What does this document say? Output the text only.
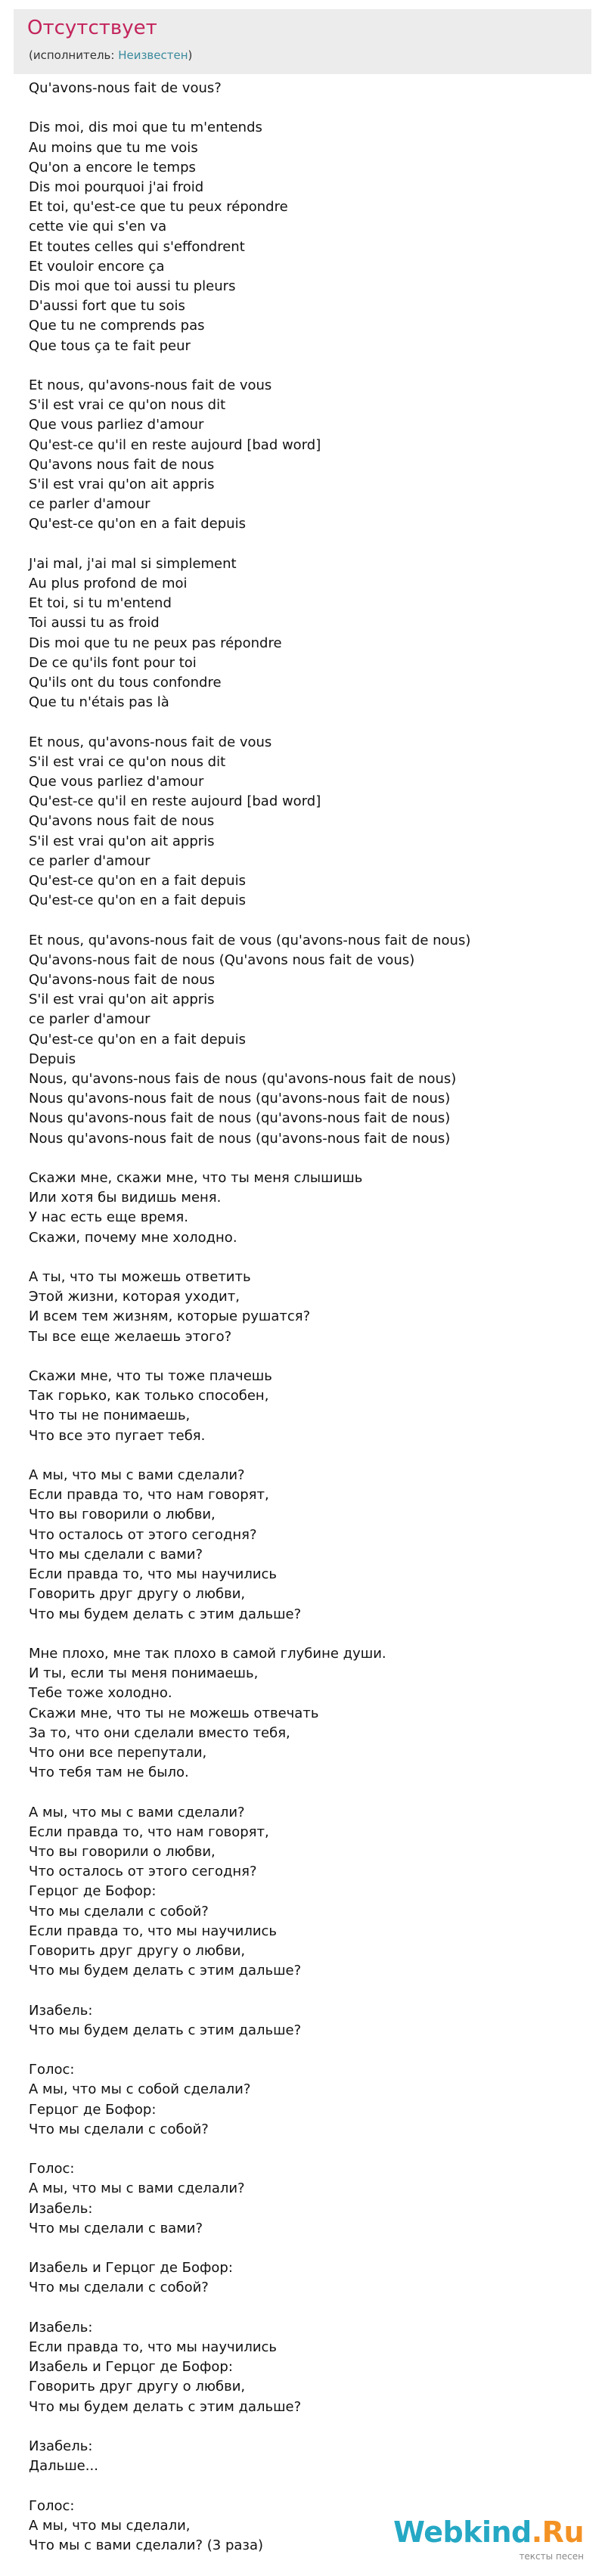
Отсутствует
(исполнитель: Неизвестен)
Qu'avons-nous fait de vous?
Dis moi, dis moi que tu m'entends
Au moins que tu me vois
Qu'on a encore le temps
Dis moi pourquoi j'ai froid
Et toi, qu'est-ce que tu peux répondre
cette vie qui s'en va
Et toutes celles qui s'effondrent
Et vouloir encore ça
Dis moi que toi aussi tu pleurs
D'aussi fort que tu sois
Que tu ne comprends pas
Que tous ça te fait peur
Et nous, qu'avons-nous fait de vous
S'il est vrai ce qu'on nous dit
Que vous parliez d'amour
Qu'est-ce qu'il en reste aujourd [bad word]
Qu'avons nous fait de nous
S'il est vrai qu'on ait appris
ce parler d'amour
Qu'est-ce qu'on en a fait depuis
J'ai mal, j'ai mal si simplement
Au plus profond de moi
Et toi, si tu m'entend
Toi aussi tu as froid
Dis moi que tu ne peux pas répondre
De ce qu'ils font pour toi
Qu'ils ont du tous confondre
Que tu n'étais pas là
Et nous, qu'avons-nous fait de vous
S'il est vrai ce qu'on nous dit
Que vous parliez d'amour
Qu'est-ce qu'il en reste aujourd [bad word]
Qu'avons nous fait de nous
S'il est vrai qu'on ait appris
ce parler d'amour
Qu'est-ce qu'on en a fait depuis
Qu'est-ce qu'on en a fait depuis
Et nous, qu'avons-nous fait de vous (qu'avons-nous fait de nous)
Qu'avons-nous fait de nous (Qu'avons nous fait de vous)
Qu'avons-nous fait de nous
S'il est vrai qu'on ait appris
ce parler d'amour
Qu'est-ce qu'on en a fait depuis
Depuis
Nous, qu'avons-nous fais de nous (qu'avons-nous fait de nous)
Nous qu'avons-nous fait de nous (qu'avons-nous fait de nous)
Nous qu'avons-nous fait de nous (qu'avons-nous fait de nous)
Nous qu'avons-nous fait de nous (qu'avons-nous fait de nous)
Скажи мне, скажи мне, что ты меня слышишь
Или хотя бы видишь меня.
У нас есть еще время.
Скажи, почему мне холодно.
А ты, что ты можешь ответить
Этой жизни, которая уходит,
И всем тем жизням, которые рушатся?
Ты все еще желаешь этого?
Скажи мне, что ты тоже плачешь
Так горько, как только способен,
Что ты не понимаешь,
Что все это пугает тебя.
А мы, что мы с вами сделали?
Если правда то, что нам говорят,
Что вы говорили о любви,
Что осталось от этого сегодня?
Что мы сделали с вами?
Если правда то, что мы научились
Говорить друг другу о любви,
Что мы будем делать с этим дальше?
Мне плохо, мне так плохо в самой глубине души.
И ты, если ты меня понимаешь,
Тебе тоже холодно.
Скажи мне, что ты не можешь отвечать
За то, что они сделали вместо тебя,
Что они все перепутали,
Что тебя там не было.
А мы, что мы с вами сделали?
Если правда то, что нам говорят,
Что вы говорили о любви,
Что осталось от этого сегодня?
Герцог де Бофор:
Что мы сделали с собой?
Если правда то, что мы научились
Говорить друг другу о любви,
Что мы будем делать с этим дальше?
Изабель:
Что мы будем делать с этим дальше?
Голос:
А мы, что мы с собой сделали?
Герцог де Бофор:
Что мы сделали с собой?
Голос:
А мы, что мы с вами сделали?
Изабель:
Что мы сделали с вами?
Изабель и Герцог де Бофор:
Что мы сделали с собой?
Изабель:
Если правда то, что мы научились
Изабель и Герцог де Бофор:
Говорить друг другу о любви,
Что мы будем делать с этим дальше?
Изабель:
Дальше...
Голос:
А мы, что мы сделали,
Что мы с вами сделали? (3 раза)	Webkind.Ru
тексты песен
